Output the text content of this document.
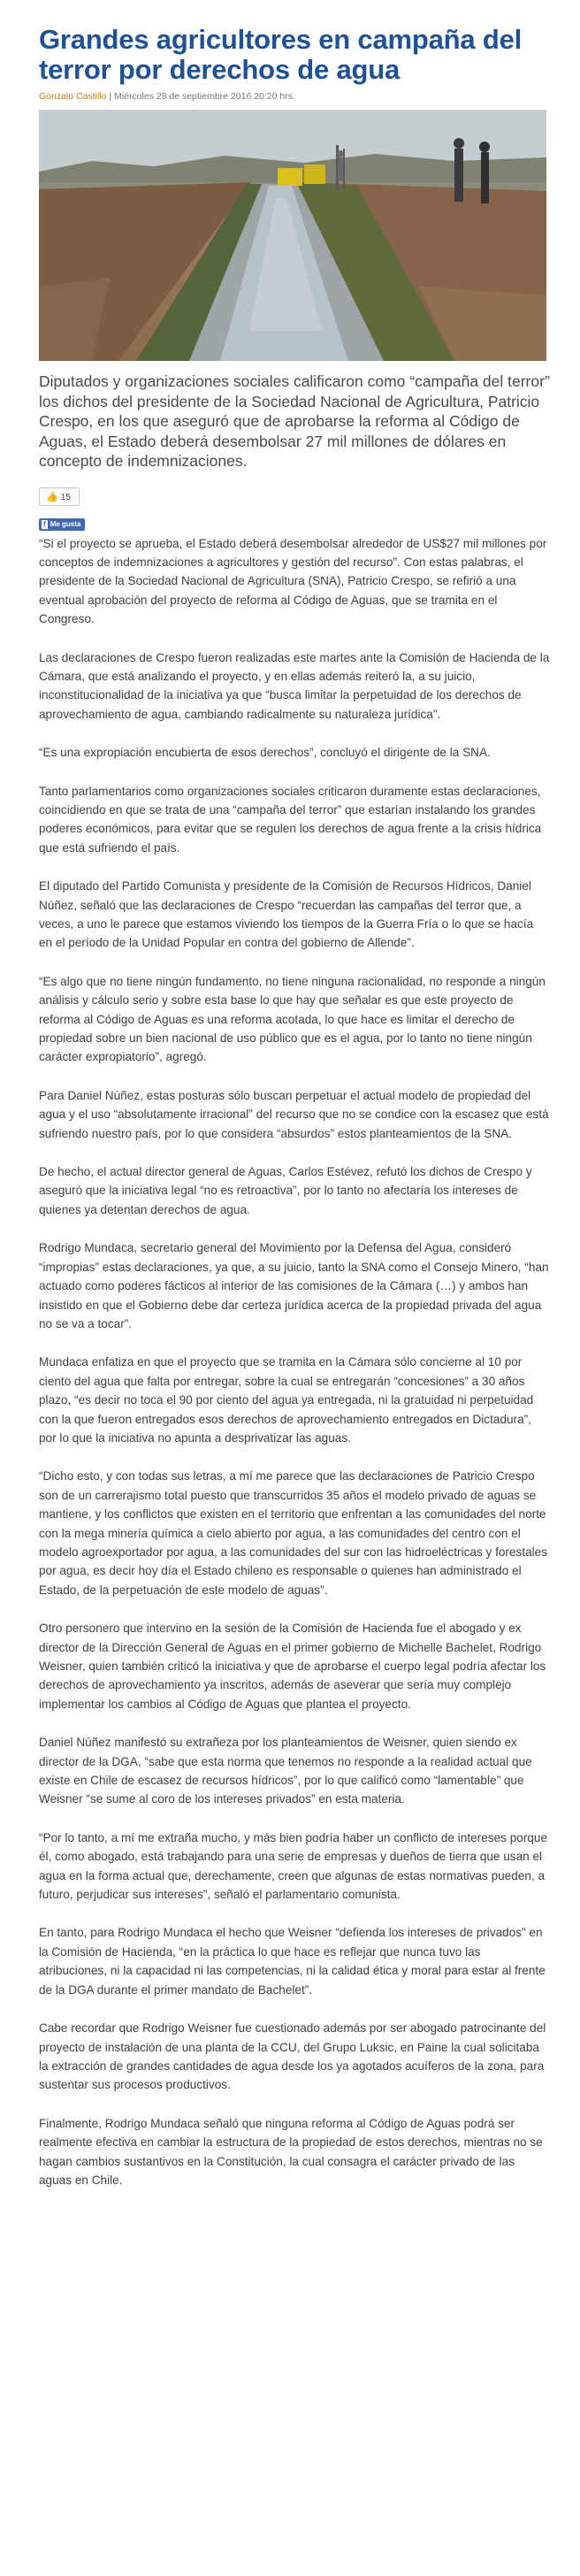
Grandes agricultores en campaña del terror por derechos de agua
Gonzalo Castillo | Miércoles 28 de septiembre 2016 20:20 hrs.
Diputados y organizaciones sociales calificaron como “campaña del terror” los dichos del presidente de la Sociedad Nacional de Agricultura, Patricio Crespo, en los que aseguró que de aprobarse la reforma al Código de Aguas, el Estado deberá desembolsar 27 mil millones de dólares en concepto de indemnizaciones.
👍 15
f Me gusta

“Si el proyecto se aprueba, el Estado deberá desembolsar alrededor de US$27 mil millones por conceptos de indemnizaciones a agricultores y gestión del recurso”. Con estas palabras, el presidente de la Sociedad Nacional de Agricultura (SNA), Patricio Crespo, se refirió a una eventual aprobación del proyecto de reforma al Código de Aguas, que se tramita en el Congreso.

Las declaraciones de Crespo fueron realizadas este martes ante la Comisión de Hacienda de la Cámara, que está analizando el proyecto, y en ellas además reiteró la, a su juicio, inconstitucionalidad de la iniciativa ya que “busca limitar la perpetuidad de los derechos de aprovechamiento de agua, cambiando radicalmente su naturaleza jurídica”.

“Es una expropiación encubierta de esos derechos”, concluyó el dirigente de la SNA.

Tanto parlamentarios como organizaciones sociales criticaron duramente estas declaraciones, coincidiendo en que se trata de una “campaña del terror” que estarían instalando los grandes poderes económicos, para evitar que se regulen los derechos de agua frente a la crisis hídrica que está sufriendo el país.

El diputado del Partido Comunista y presidente de la Comisión de Recursos Hídricos, Daniel Núñez, señaló que las declaraciones de Crespo “recuerdan las campañas del terror que, a veces, a uno le parece que estamos viviendo los tiempos de la Guerra Fría o lo que se hacía en el período de la Unidad Popular en contra del gobierno de Allende”.

“Es algo que no tiene ningún fundamento, no tiene ninguna racionalidad, no responde a ningún análisis y cálculo serio y sobre esta base lo que hay que señalar es que este proyecto de reforma al Código de Aguas es una reforma acotada, lo que hace es limitar el derecho de propiedad sobre un bien nacional de uso público que es el agua, por lo tanto no tiene ningún carácter expropiatorio”, agregó.

Para Daniel Núñez, estas posturas sólo buscan perpetuar el actual modelo de propiedad del agua y el uso “absolutamente irracional” del recurso que no se condice con la escasez que está sufriendo nuestro país, por lo que considera “absurdos” estos planteamientos de la SNA.

De hecho, el actual director general de Aguas, Carlos Estévez, refutó los dichos de Crespo y aseguró que la iniciativa legal “no es retroactiva”, por lo tanto no afectaría los intereses de quienes ya detentan derechos de agua.

Rodrigo Mundaca, secretario general del Movimiento por la Defensa del Agua, consideró “impropias” estas declaraciones, ya que, a su juicio, tanto la SNA como el Consejo Minero, “han actuado como poderes fácticos al interior de las comisiones de la Cámara (…) y ambos han insistido en que el Gobierno debe dar certeza jurídica acerca de la propiedad privada del agua no se va a tocar”.

Mundaca enfatiza en que el proyecto que se tramita en la Cámara sólo concierne al 10 por ciento del agua que falta por entregar, sobre la cual se entregarán “concesiones” a 30 años plazo, “es decir no toca el 90 por ciento del agua ya entregada, ni la gratuidad ni perpetuidad con la que fueron entregados esos derechos de aprovechamiento entregados en Dictadura”, por lo que la iniciativa no apunta a desprivatizar las aguas.

“Dicho esto, y con todas sus letras, a mí me parece que las declaraciones de Patricio Crespo son de un carrerajismo total puesto que transcurridos 35 años el modelo privado de aguas se mantiene, y los conflictos que existen en el territorio que enfrentan a las comunidades del norte con la mega minería química a cielo abierto por agua, a las comunidades del centro con el modelo agroexportador por agua, a las comunidades del sur con las hidroeléctricas y forestales por agua, es decir hoy día el Estado chileno es responsable o quienes han administrado el Estado, de la perpetuación de este modelo de aguas”.

Otro personero que intervino en la sesión de la Comisión de Hacienda fue el abogado y ex director de la Dirección General de Aguas en el primer gobierno de Michelle Bachelet, Rodrigo Weisner, quien también criticó la iniciativa y que de aprobarse el cuerpo legal podría afectar los derechos de aprovechamiento ya inscritos, además de aseverar que sería muy complejo implementar los cambios al Código de Aguas que plantea el proyecto.

Daniel Núñez manifestó su extrañeza por los planteamientos de Weisner, quien siendo ex director de la DGA, “sabe que esta norma que tenemos no responde a la realidad actual que existe en Chile de escasez de recursos hídricos”, por lo que calificó como “lamentable” que Weisner “se sume al coro de los intereses privados” en esta materia.

“Por lo tanto, a mí me extraña mucho, y más bien podría haber un conflicto de intereses porque él, como abogado, está trabajando para una serie de empresas y dueños de tierra que usan el agua en la forma actual que, derechamente, creen que algunas de estas normativas pueden, a futuro, perjudicar sus intereses”, señaló el parlamentario comunista.

En tanto, para Rodrigo Mundaca el hecho que Weisner “defienda los intereses de privados” en la Comisión de Hacienda, “en la práctica lo que hace es reflejar que nunca tuvo las atribuciones, ni la capacidad ni las competencias, ni la calidad ética y moral para estar al frente de la DGA durante el primer mandato de Bachelet”.

Cabe recordar que Rodrigo Weisner fue cuestionado además por ser abogado patrocinante del proyecto de instalación de una planta de la CCU, del Grupo Luksic, en Paine la cual solicitaba la extracción de grandes cantidades de agua desde los ya agotados acuíferos de la zona, para sustentar sus procesos productivos.

Finalmente, Rodrigo Mundaca señaló que ninguna reforma al Código de Aguas podrá ser realmente efectiva en cambiar la estructura de la propiedad de estos derechos, mientras no se hagan cambios sustantivos en la Constitución, la cual consagra el carácter privado de las aguas en Chile.
